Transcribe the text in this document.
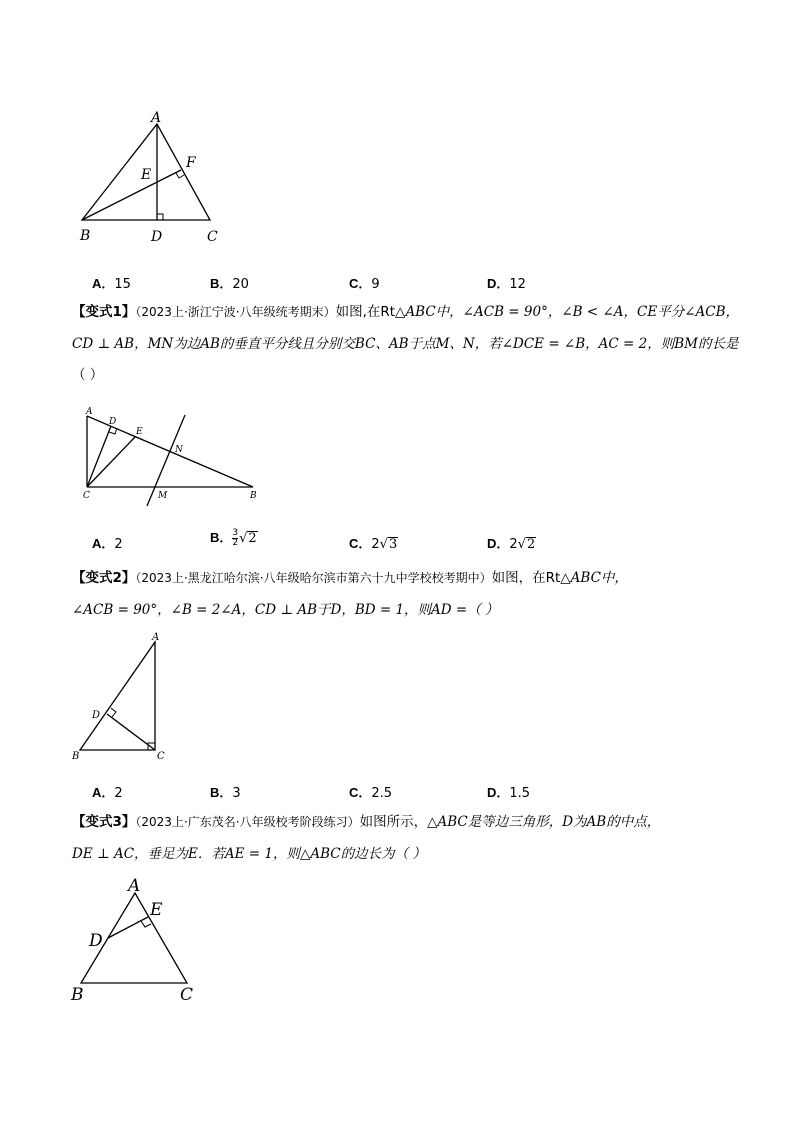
A
E
F
B	D	C
A．15	B．20	C．9	D．12
【变式1】（2023上·浙江宁波·八年级统考期末）如图,在Rt△ABC中，∠ACB = 90°，∠B < ∠A，CE平分∠ACB，
CD ⊥ AB，MN为边AB的垂直平分线且分别交BC、AB于点M、N，若∠DCE = ∠B，AC = 2，则BM的长是
（ ）
A
D
E
N
C	M	B
A．2	B． $\frac{3}{2} √2$	C．2√3	D．2√2
【变式2】（2023上·黑龙江哈尔滨·八年级哈尔滨市第六十九中学校校考期中）如图，在Rt△ABC中，
∠ACB = 90°，∠B = 2∠A，CD ⊥ AB于D，BD = 1，则AD =（ ）
A
D
B	C
A．2	B．3	C．2.5	D．1.5
【变式3】（2023上·广东茂名·八年级校考阶段练习）如图所示，△ABC是等边三角形，D为AB的中点，
DE ⊥ AC，垂足为E．若AE = 1，则△ABC的边长为（ ）
A
E
D
B	C
